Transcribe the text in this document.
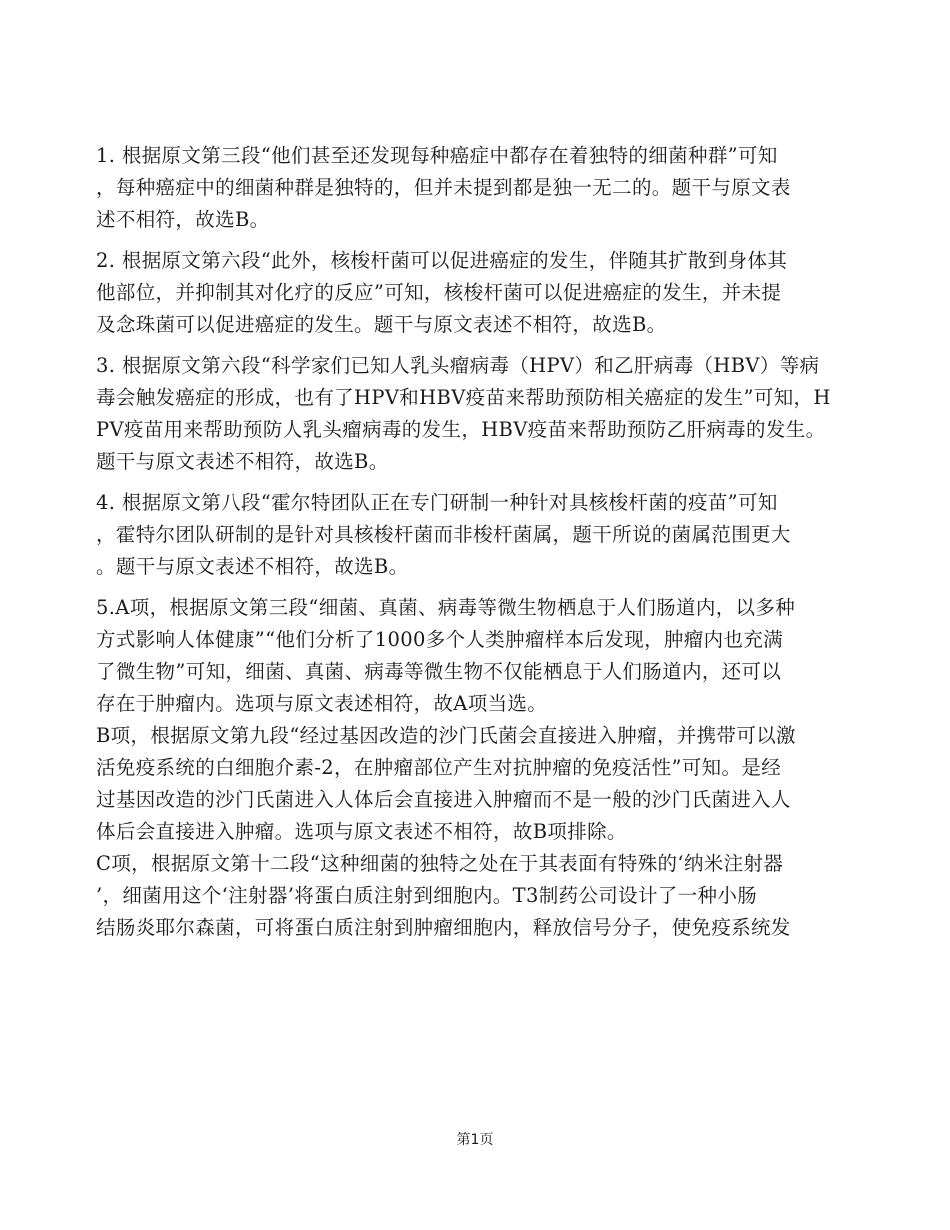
1. 根据原文第三段“他们甚至还发现每种癌症中都存在着独特的细菌种群”可知
，每种癌症中的细菌种群是独特的，但并未提到都是独一无二的。题干与原文表
述不相符，故选B。
2. 根据原文第六段“此外，核梭杆菌可以促进癌症的发生，伴随其扩散到身体其
他部位，并抑制其对化疗的反应”可知，核梭杆菌可以促进癌症的发生，并未提
及念珠菌可以促进癌症的发生。题干与原文表述不相符，故选B。
3. 根据原文第六段“科学家们已知人乳头瘤病毒（HPV）和乙肝病毒（HBV）等病
毒会触发癌症的形成，也有了HPV和HBV疫苗来帮助预防相关癌症的发生”可知，H
PV疫苗用来帮助预防人乳头瘤病毒的发生，HBV疫苗来帮助预防乙肝病毒的发生。
题干与原文表述不相符，故选B。
4. 根据原文第八段“霍尔特团队正在专门研制一种针对具核梭杆菌的疫苗”可知
，霍特尔团队研制的是针对具核梭杆菌而非梭杆菌属，题干所说的菌属范围更大
。题干与原文表述不相符，故选B。
5.A项，根据原文第三段“细菌、真菌、病毒等微生物栖息于人们肠道内，以多种
方式影响人体健康”“他们分析了1000多个人类肿瘤样本后发现，肿瘤内也充满
了微生物”可知，细菌、真菌、病毒等微生物不仅能栖息于人们肠道内，还可以
存在于肿瘤内。选项与原文表述相符，故A项当选。
B项，根据原文第九段“经过基因改造的沙门氏菌会直接进入肿瘤，并携带可以激
活免疫系统的白细胞介素-2，在肿瘤部位产生对抗肿瘤的免疫活性”可知。是经
过基因改造的沙门氏菌进入人体后会直接进入肿瘤而不是一般的沙门氏菌进入人
体后会直接进入肿瘤。选项与原文表述不相符，故B项排除。
C项，根据原文第十二段“这种细菌的独特之处在于其表面有特殊的‘纳米注射器
’，细菌用这个‘注射器’将蛋白质注射到细胞内。T3制药公司设计了一种小肠
结肠炎耶尔森菌，可将蛋白质注射到肿瘤细胞内，释放信号分子，使免疫系统发
第1页
